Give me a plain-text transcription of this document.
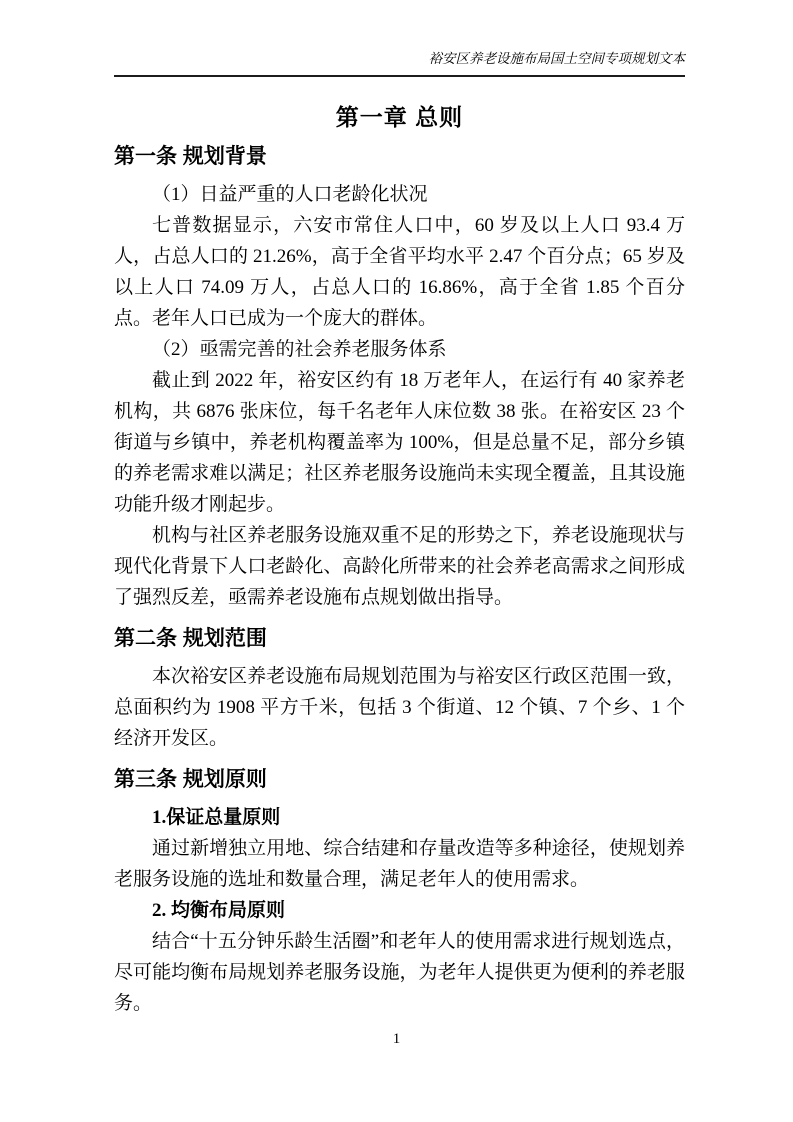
裕安区养老设施布局国土空间专项规划文本
第一章 总则
第一条 规划背景

（1）日益严重的人口老龄化状况

七普数据显示，六安市常住人口中，60 岁及以上人口 93.4 万人，占总人口的 21.26%，高于全省平均水平 2.47 个百分点；65 岁及以上人口 74.09 万人，占总人口的 16.86%，高于全省 1.85 个百分点。老年人口已成为一个庞大的群体。

（2）亟需完善的社会养老服务体系

截止到 2022 年，裕安区约有 18 万老年人，在运行有 40 家养老机构，共 6876 张床位，每千名老年人床位数 38 张。在裕安区 23 个街道与乡镇中，养老机构覆盖率为 100%，但是总量不足，部分乡镇的养老需求难以满足；社区养老服务设施尚未实现全覆盖，且其设施功能升级才刚起步。

机构与社区养老服务设施双重不足的形势之下，养老设施现状与现代化背景下人口老龄化、高龄化所带来的社会养老高需求之间形成了强烈反差，亟需养老设施布点规划做出指导。

第二条 规划范围

本次裕安区养老设施布局规划范围为与裕安区行政区范围一致，总面积约为 1908 平方千米，包括 3 个街道、12 个镇、7 个乡、1 个经济开发区。

第三条 规划原则

1.保证总量原则

通过新增独立用地、综合结建和存量改造等多种途径，使规划养老服务设施的选址和数量合理，满足老年人的使用需求。

2. 均衡布局原则

结合“十五分钟乐龄生活圈”和老年人的使用需求进行规划选点，尽可能均衡布局规划养老服务设施，为老年人提供更为便利的养老服务。

1
